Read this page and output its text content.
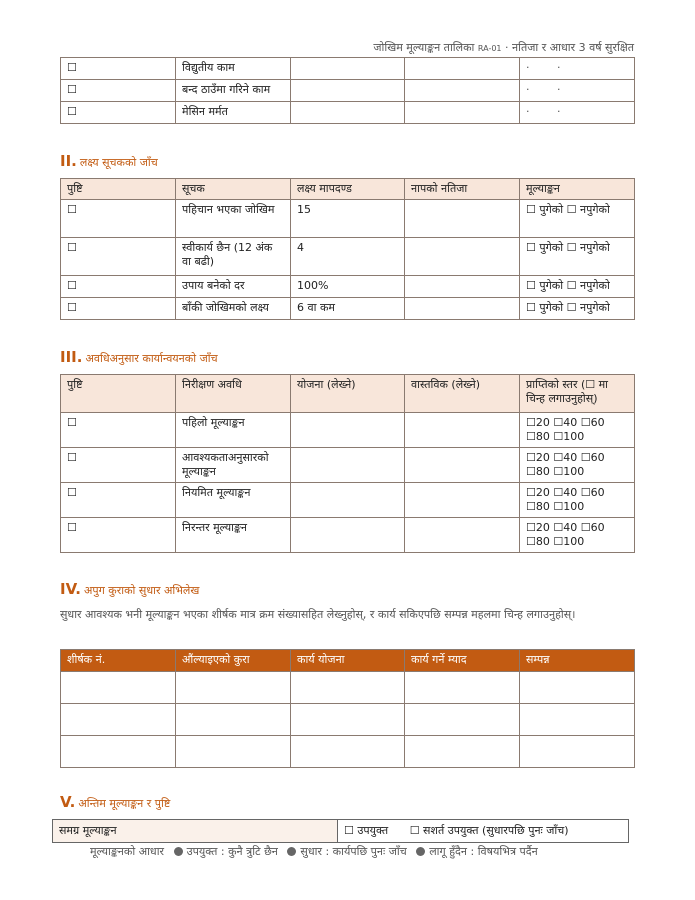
जोखिम मूल्याङ्कन तालिका RA-01 · नतिजा र आधार 3 वर्ष सुरक्षित
☐	विद्युतीय काम			· ·
☐	बन्द ठाउँमा गरिने काम			· ·
☐	मेसिन मर्मत			· ·
II. लक्ष्य सूचकको जाँच
पुष्टि	सूचक	लक्ष्य मापदण्ड	नापको नतिजा	मूल्याङ्कन
☐	पहिचान भएका जोखिम	15		☐ पुगेको ☐ नपुगेको
☐	स्वीकार्य छैन (12 अंक वा बढी)	4		☐ पुगेको ☐ नपुगेको
☐	उपाय बनेको दर	100%		☐ पुगेको ☐ नपुगेको
☐	बाँकी जोखिमको लक्ष्य	6 वा कम		☐ पुगेको ☐ नपुगेको
III. अवधिअनुसार कार्यान्वयनको जाँच
पुष्टि	निरीक्षण अवधि	योजना (लेख्ने)	वास्तविक (लेख्ने)	प्राप्तिको स्तर (☐ मा चिन्ह लगाउनुहोस्)
☐	पहिलो मूल्याङ्कन			☐20 ☐40 ☐60
☐80 ☐100

☐	आवश्यकताअनुसारको मूल्याङ्कन			☐20 ☐40 ☐60
☐80 ☐100

☐	नियमित मूल्याङ्कन			☐20 ☐40 ☐60
☐80 ☐100

☐	निरन्तर मूल्याङ्कन			☐20 ☐40 ☐60
☐80 ☐100
IV. अपुग कुराको सुधार अभिलेख
सुधार आवश्यक भनी मूल्याङ्कन भएका शीर्षक मात्र क्रम संख्यासहित लेख्नुहोस्, र कार्य सकिएपछि सम्पन्न महलमा चिन्ह लगाउनुहोस्।
शीर्षक नं.	औंल्याइएको कुरा	कार्य योजना	कार्य गर्ने म्याद	सम्पन्न

V. अन्तिम मूल्याङ्कन र पुष्टि
समग्र मूल्याङ्कन	☐ उपयुक्त ☐ सशर्त उपयुक्त (सुधारपछि पुनः जाँच)
मूल्याङ्कनको आधार उपयुक्त : कुनै त्रुटि छैन सुधार : कार्यपछि पुनः जाँच लागू हुँदैन : विषयभित्र पर्दैन
